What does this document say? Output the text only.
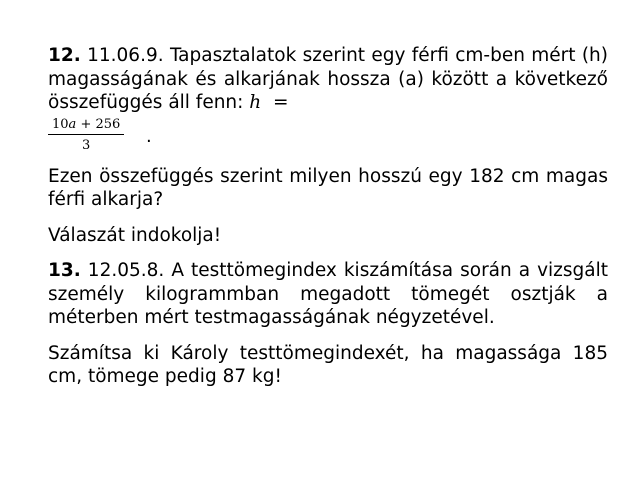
12. 11.06.9. Tapasztalatok szerint egy férfi cm-ben mért (h) magasságának és alkarjának hossza (a) között a következő összefüggés áll fenn: h =

$\frac{10a + 256}{3}$ .

Ezen összefüggés szerint milyen hosszú egy 182 cm magas férfi alkarja?

Válaszát indokolja!

13. 12.05.8. A testtömegindex kiszámítása során a vizsgált személy kilogrammban megadott tömegét osztják a méterben mért testmagasságának négyzetével.

Számítsa ki Károly testtömegindexét, ha magassága 185 cm, tömege pedig 87 kg!
